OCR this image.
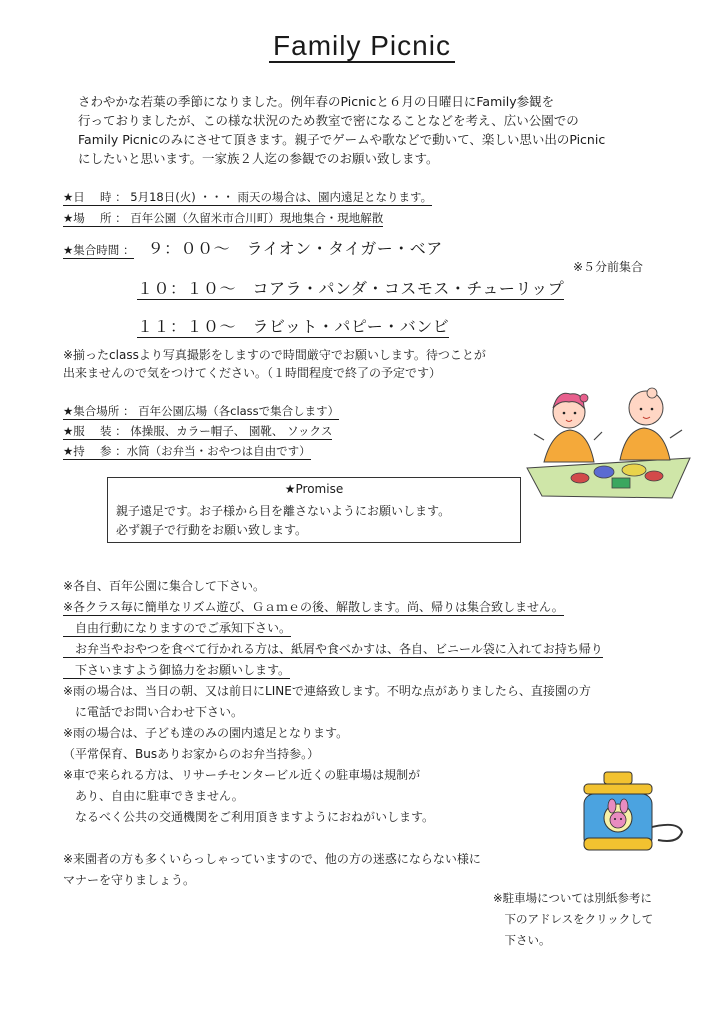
Family Picnic
さわやかな若葉の季節になりました。例年春のPicnicと６月の日曜日にFamily参観を
行っておりましたが、この様な状況のため教室で密になることなどを考え、広い公園での
Family Picnicのみにさせて頂きます。親子でゲームや歌などで動いて、楽しい思い出のPicnic
にしたいと思います。一家族２人迄の参観でのお願い致します。
★日　 時 ： 5月18日(火) ・・・ 雨天の場合は、園内遠足となります。
★場　 所 ： 百年公園（久留米市合川町）現地集合・現地解散
★集合時間 ： ９：００～　ライオン・タイガー・ベア
※５分前集合
１０：１０～　コアラ・パンダ・コスモス・チューリップ
１１：１０～　ラビット・パピー・バンビ
※揃ったclassより写真撮影をしますので時間厳守でお願いします。待つことが
出来ませんので気をつけてください。（１時間程度で終了の予定です）
★集合場所 ： 百年公園広場（各classで集合します）
★服　 装 ： 体操服、カラー帽子、 園靴、 ソックス
★持　 参 ：水筒（お弁当・おやつは自由です）
★Promise
親子遠足です。お子様から目を離さないようにお願いします。
必ず親子で行動をお願い致します。
※各自、百年公園に集合して下さい。
※各クラス毎に簡単なリズム遊び、Ｇａｍｅの後、解散します。尚、帰りは集合致しません。
　自由行動になりますのでご承知下さい。
　お弁当やおやつを食べて行かれる方は、紙屑や食べかすは、各自、ビニール袋に入れてお持ち帰り
　下さいますよう御協力をお願いします。
※雨の場合は、当日の朝、又は前日にLINEで連絡致します。不明な点がありましたら、直接園の方
　に電話でお問い合わせ下さい。
※雨の場合は、子ども達のみの園内遠足となります。
（平常保育、Busありお家からのお弁当持参。）
※車で来られる方は、リサーチセンタービル近くの駐車場は規制が
　あり、自由に駐車できません。
　なるべく公共の交通機関をご利用頂きますようにおねがいします。
※来園者の方も多くいらっしゃっていますので、他の方の迷惑にならない様に
マナーを守りましょう。
※駐車場については別紙参考に
　下のアドレスをクリックして
　下さい。
